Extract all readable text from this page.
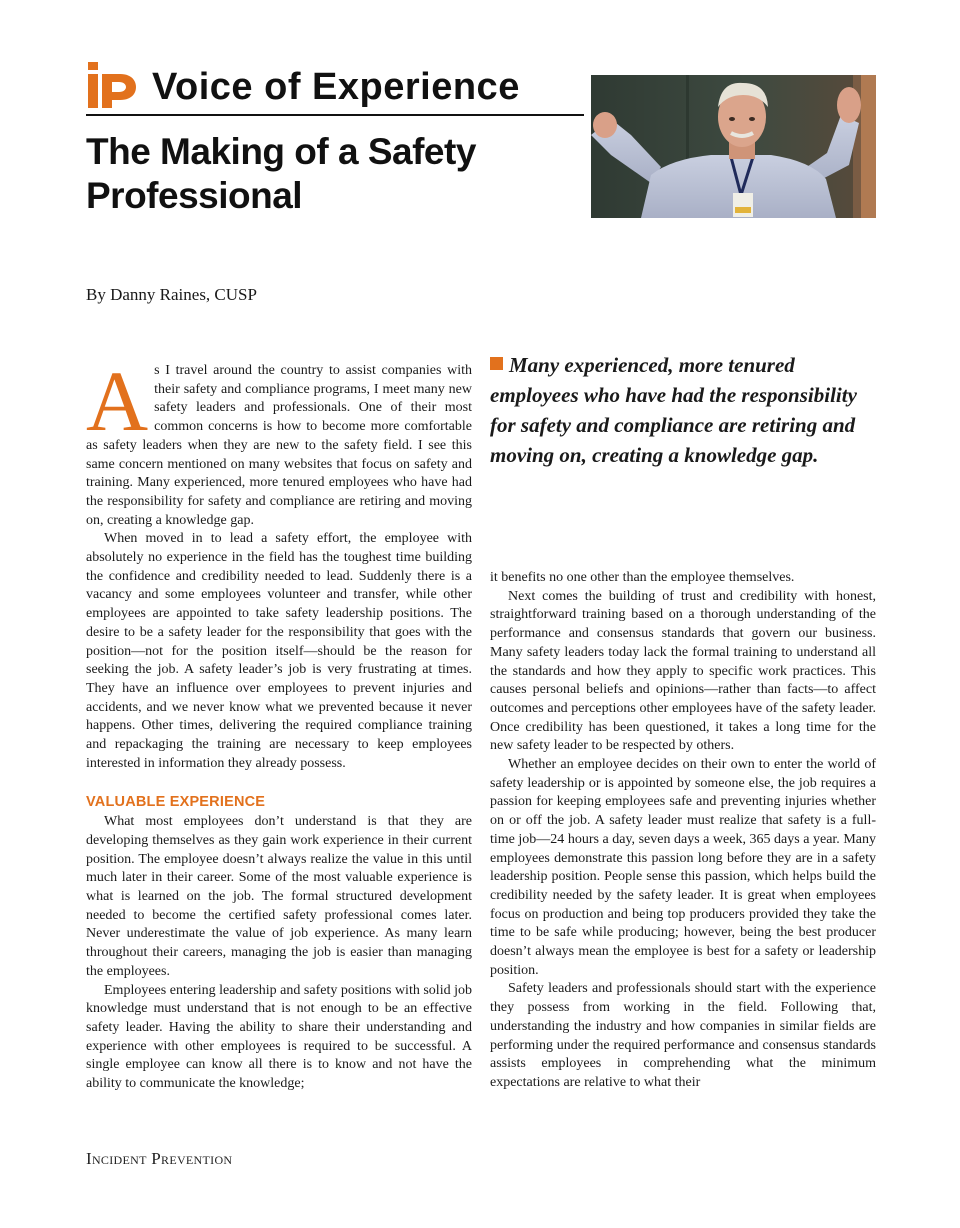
Voice of Experience
The Making of a Safety Professional
By Danny Raines, CUSP

As I travel around the country to assist companies with their safety and compliance programs, I meet many new safety leaders and professionals. One of their most common concerns is how to become more comfortable as safety leaders when they are new to the safety field. I see this same concern mentioned on many websites that focus on safety and training. Many experienced, more tenured employees who have had the responsibility for safety and compliance are retiring and moving on, creating a knowledge gap.

When moved in to lead a safety effort, the employee with absolutely no experience in the field has the toughest time building the confidence and credibility needed to lead. Suddenly there is a vacancy and some employees volunteer and transfer, while other employees are appointed to take safety leadership positions. The desire to be a safety leader for the responsibility that goes with the position—not for the position itself—should be the reason for seeking the job. A safety leader’s job is very frustrating at times. They have an influence over employees to prevent injuries and accidents, and we never know what we prevented because it never happens. Other times, delivering the required compliance training and repackaging the training are necessary to keep employees interested in information they already possess.

VALUABLE EXPERIENCE

What most employees don’t understand is that they are developing themselves as they gain work experience in their current position. The employee doesn’t always realize the value in this until much later in their career. Some of the most valuable experience is what is learned on the job. The formal structured development needed to become the certified safety professional comes later. Never underestimate the value of job experience. As many learn throughout their careers, managing the job is easier than managing the employees.

Employees entering leadership and safety positions with solid job knowledge must understand that is not enough to be an effective safety leader. Having the ability to share their understanding and experience with other employees is required to be successful. A single employee can know all there is to know and not have the ability to communicate the knowledge;

Many experienced, more tenured employees who have had the responsibility for safety and compliance are retiring and moving on, creating a knowledge gap.

it benefits no one other than the employee themselves.

Next comes the building of trust and credibility with honest, straightforward training based on a thorough understanding of the performance and consensus standards that govern our business. Many safety leaders today lack the formal training to understand all the standards and how they apply to specific work practices. This causes personal beliefs and opinions—rather than facts—to affect outcomes and perceptions other employees have of the safety leader. Once credibility has been questioned, it takes a long time for the new safety leader to be respected by others.

Whether an employee decides on their own to enter the world of safety leadership or is appointed by someone else, the job requires a passion for keeping employees safe and preventing injuries whether on or off the job. A safety leader must realize that safety is a full-time job—24 hours a day, seven days a week, 365 days a year. Many employees demonstrate this passion long before they are in a safety leadership position. People sense this passion, which helps build the credibility needed by the safety leader. It is great when employees focus on production and being top producers provided they take the time to be safe while producing; however, being the best producer doesn’t always mean the employee is best for a safety or leadership position.

Safety leaders and professionals should start with the experience they possess from working in the field. Following that, understanding the industry and how companies in similar fields are performing under the required performance and consensus standards assists employees in comprehending what the minimum expectations are relative to what their

Incident Prevention
